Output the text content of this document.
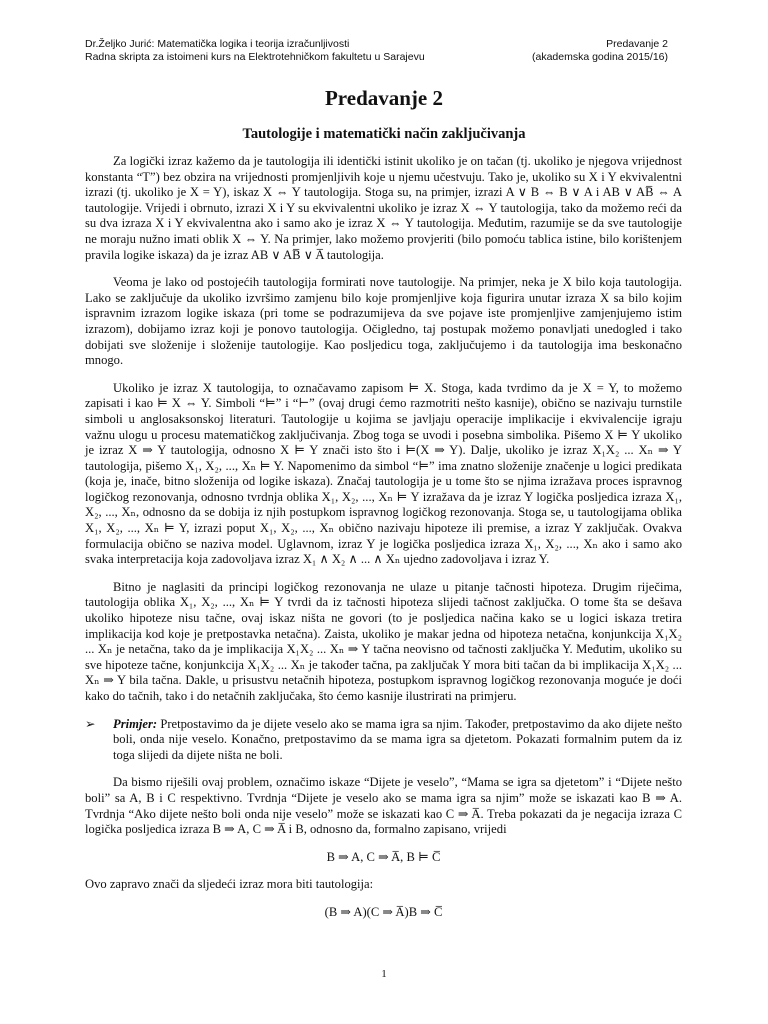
Dr.Željko Jurić: Matematička logika i teorija izračunljivosti
Radna skripta za istoimeni kurs na Elektrotehničkom fakultetu u Sarajevu
Predavanje 2
(akademska godina 2015/16)
Predavanje 2
Tautologije i matematički način zaključivanja

Za logički izraz kažemo da je tautologija ili identički istinit ukoliko je on tačan (tj. ukoliko je njegova vrijednost konstanta “T”) bez obzira na vrijednosti promjenljivih koje u njemu učestvuju. Tako je, ukoliko su X i Y ekvivalentni izrazi (tj. ukoliko je X = Y), iskaz X ⇔ Y tautologija. Stoga su, na primjer, izrazi A ∨ B ⇔ B ∨ A i AB ∨ AB̅ ⇔ A tautologije. Vrijedi i obrnuto, izrazi X i Y su ekvivalentni ukoliko je izraz X ⇔ Y tautologija, tako da možemo reći da su dva izraza X i Y ekvivalentna ako i samo ako je izraz X ⇔ Y tautologija. Međutim, razumije se da sve tautologije ne moraju nužno imati oblik X ⇔ Y. Na primjer, lako možemo provjeriti (bilo pomoću tablica istine, bilo korištenjem pravila logike iskaza) da je izraz AB ∨ AB̅ ∨ A̅ tautologija.

Veoma je lako od postojećih tautologija formirati nove tautologije. Na primjer, neka je X bilo koja tautologija. Lako se zaključuje da ukoliko izvršimo zamjenu bilo koje promjenljive koja figurira unutar izraza X sa bilo kojim ispravnim izrazom logike iskaza (pri tome se podrazumijeva da sve pojave iste promjenljive zamjenjujemo istim izrazom), dobijamo izraz koji je ponovo tautologija. Očigledno, taj postupak možemo ponavljati unedogled i tako dobijati sve složenije i složenije tautologije. Kao posljedicu toga, zaključujemo i da tautologija ima beskonačno mnogo.

Ukoliko je izraz X tautologija, to označavamo zapisom ⊨ X. Stoga, kada tvrdimo da je X = Y, to možemo zapisati i kao ⊨ X ⇔ Y. Simboli “⊨” i “⊢” (ovaj drugi ćemo razmotriti nešto kasnije), obično se nazivaju turnstile simboli u anglosaksonskoj literaturi. Tautologije u kojima se javljaju operacije implikacije i ekvivalencije igraju važnu ulogu u procesu matematičkog zaključivanja. Zbog toga se uvodi i posebna simbolika. Pišemo X ⊨ Y ukoliko je izraz X ⇒ Y tautologija, odnosno X ⊨ Y znači isto što i ⊨(X ⇒ Y). Dalje, ukoliko je izraz X₁X₂ ... Xₙ ⇒ Y tautologija, pišemo X₁, X₂, ..., Xₙ ⊨ Y. Napomenimo da simbol “⊨” ima znatno složenije značenje u logici predikata (koja je, inače, bitno složenija od logike iskaza). Značaj tautologija je u tome što se njima izražava proces ispravnog logičkog rezonovanja, odnosno tvrdnja oblika X₁, X₂, ..., Xₙ ⊨ Y izražava da je izraz Y logička posljedica izraza X₁, X₂, ..., Xₙ, odnosno da se dobija iz njih postupkom ispravnog logičkog rezonovanja. Stoga se, u tautologijama oblika X₁, X₂, ..., Xₙ ⊨ Y, izrazi poput X₁, X₂, ..., Xₙ obično nazivaju hipoteze ili premise, a izraz Y zaključak. Ovakva formulacija obično se naziva model. Uglavnom, izraz Y je logička posljedica izraza X₁, X₂, ..., Xₙ ako i samo ako svaka interpretacija koja zadovoljava izraz X₁ ∧ X₂ ∧ ... ∧ Xₙ ujedno zadovoljava i izraz Y.

Bitno je naglasiti da principi logičkog rezonovanja ne ulaze u pitanje tačnosti hipoteza. Drugim riječima, tautologija oblika X₁, X₂, ..., Xₙ ⊨ Y tvrdi da iz tačnosti hipoteza slijedi tačnost zaključka. O tome šta se dešava ukoliko hipoteze nisu tačne, ovaj iskaz ništa ne govori (to je posljedica načina kako se u logici iskaza tretira implikacija kod koje je pretpostavka netačna). Zaista, ukoliko je makar jedna od hipoteza netačna, konjunkcija X₁X₂ ... Xₙ je netačna, tako da je implikacija X₁X₂ ... Xₙ ⇒ Y tačna neovisno od tačnosti zaključka Y. Međutim, ukoliko su sve hipoteze tačne, konjunkcija X₁X₂ ... Xₙ je također tačna, pa zaključak Y mora biti tačan da bi implikacija X₁X₂ ... Xₙ ⇒ Y bila tačna. Dakle, u prisustvu netačnih hipoteza, postupkom ispravnog logičkog rezonovanja moguće je doći kako do tačnih, tako i do netačnih zaključaka, što ćemo kasnije ilustrirati na primjeru.

➢ Primjer: Pretpostavimo da je dijete veselo ako se mama igra sa njim. Također, pretpostavimo da ako dijete nešto boli, onda nije veselo. Konačno, pretpostavimo da se mama igra sa djetetom. Pokazati formalnim putem da iz toga slijedi da dijete ništa ne boli.

Da bismo riješili ovaj problem, označimo iskaze “Dijete je veselo”, “Mama se igra sa djetetom” i “Dijete nešto boli” sa A, B i C respektivno. Tvrdnja “Dijete je veselo ako se mama igra sa njim” može se iskazati kao B ⇒ A. Tvrdnja “Ako dijete nešto boli onda nije veselo” može se iskazati kao C ⇒ A̅. Treba pokazati da je negacija izraza C logička posljedica izraza B ⇒ A, C ⇒ A̅ i B, odnosno da, formalno zapisano, vrijedi

B ⇒ A, C ⇒ A̅, B ⊨ C̅
Ovo zapravo znači da sljedeći izraz mora biti tautologija:
(B ⇒ A)(C ⇒ A̅)B ⇒ C̅
1
